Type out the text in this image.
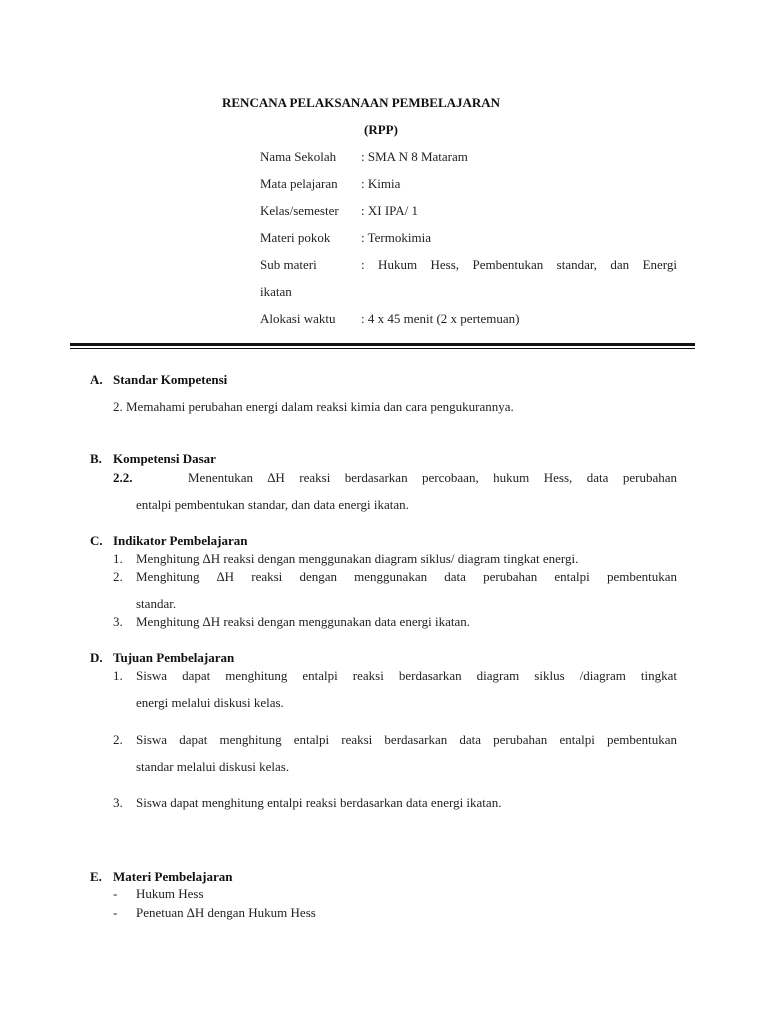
RENCANA PELAKSANAAN PEMBELAJARAN
(RPP)
Nama Sekolah : SMA N 8 Mataram
Mata pelajaran : Kimia
Kelas/semester : XI IPA/ 1
Materi pokok : Termokimia
Sub materi	: Hukum Hess, Pembentukan standar, dan Energi
ikatan
Alokasi waktu : 4 x 45 menit (2 x pertemuan)
A. Standar Kompetensi
2. Memahami perubahan energi dalam reaksi kimia dan cara pengukurannya.
B. Kompetensi Dasar
2.2.	Menentukan ∆H reaksi berdasarkan percobaan, hukum Hess, data perubahan
entalpi pembentukan standar, dan data energi ikatan.
C. Indikator Pembelajaran
1. Menghitung ∆H reaksi dengan menggunakan diagram siklus/ diagram tingkat energi.
2. Menghitung ∆H reaksi dengan menggunakan data perubahan entalpi pembentukan
standar.
3. Menghitung ∆H reaksi dengan menggunakan data energi ikatan.
D. Tujuan Pembelajaran
1. Siswa dapat menghitung entalpi reaksi berdasarkan diagram siklus /diagram tingkat
energi melalui diskusi kelas.
2. Siswa dapat menghitung entalpi reaksi berdasarkan data perubahan entalpi pembentukan
standar melalui diskusi kelas.
3. Siswa dapat menghitung entalpi reaksi berdasarkan data energi ikatan.
E. Materi Pembelajaran
- Hukum Hess
- Penetuan ∆H dengan Hukum Hess
